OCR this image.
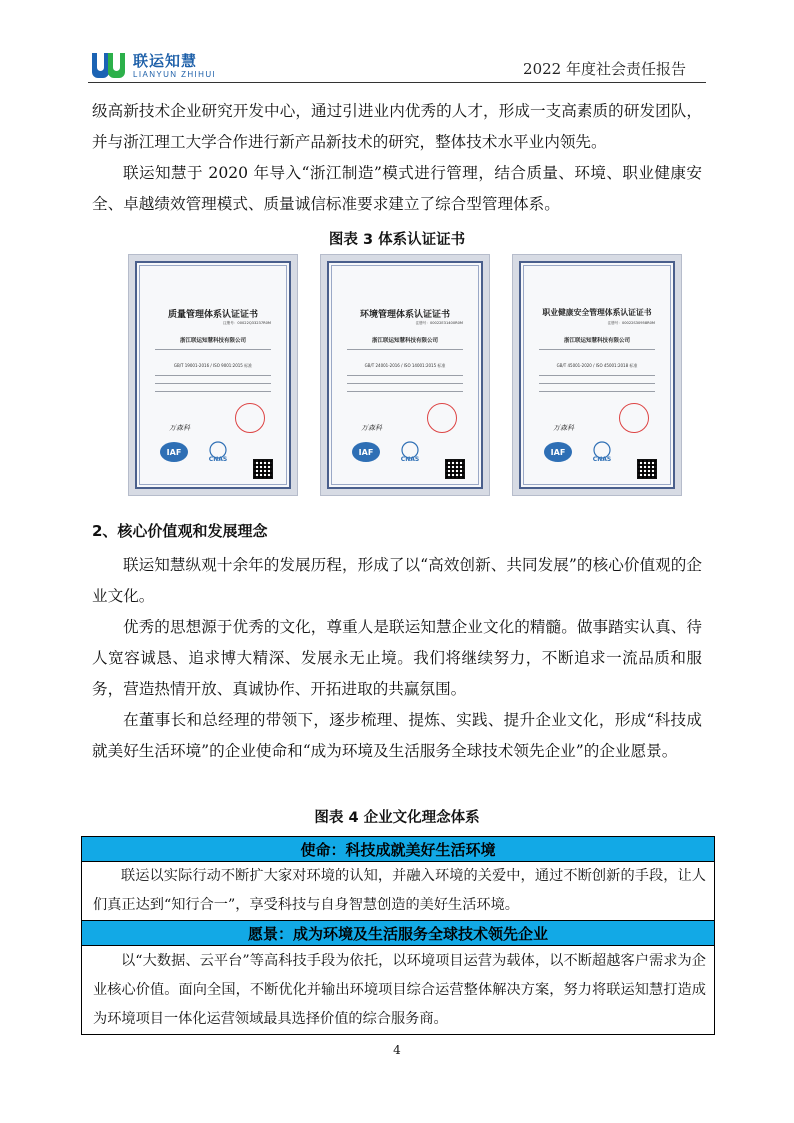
联运知慧
LIANYUN ZHIHUI	2022 年度社会责任报告

级高新技术企业研究开发中心，通过引进业内优秀的人才，形成一支高素质的研发团队，并与浙江理工大学合作进行新产品新技术的研究，整体技术水平业内领先。

联运知慧于 2020 年导入“浙江制造”模式进行管理，结合质量、环境、职业健康安全、卓越绩效管理模式、质量诚信标准要求建立了综合型管理体系。

图表 3 体系认证证书
质量管理体系认证证书
注册号：00022Q33237R0M
浙江联运知慧科技有限公司
GB/T 19001-2016 / ISO 9001:2015 标准
万森科
IAF
CNAS
环境管理体系认证证书
注册号：00022E31400R0M
浙江联运知慧科技有限公司
GB/T 24001-2016 / ISO 14001:2015 标准
万森科
IAF
CNAS
职业健康安全管理体系认证证书
注册号：00022S30958R0M
浙江联运知慧科技有限公司
GB/T 45001-2020 / ISO 45001:2018 标准
万森科
IAF
CNAS
2、核心价值观和发展理念

联运知慧纵观十余年的发展历程，形成了以“高效创新、共同发展”的核心价值观的企业文化。

优秀的思想源于优秀的文化，尊重人是联运知慧企业文化的精髓。做事踏实认真、待人宽容诚恳、追求博大精深、发展永无止境。我们将继续努力，不断追求一流品质和服务，营造热情开放、真诚协作、开拓进取的共赢氛围。

在董事长和总经理的带领下，逐步梳理、提炼、实践、提升企业文化，形成“科技成就美好生活环境”的企业使命和“成为环境及生活服务全球技术领先企业”的企业愿景。

图表 4 企业文化理念体系
使命：科技成就美好生活环境
联运以实际行动不断扩大家对环境的认知，并融入环境的关爱中，通过不断创新的手段，让人们真正达到“知行合一”，享受科技与自身智慧创造的美好生活环境。
愿景：成为环境及生活服务全球技术领先企业
以“大数据、云平台”等高科技手段为依托，以环境项目运营为载体，以不断超越客户需求为企业核心价值。面向全国，不断优化并输出环境项目综合运营整体解决方案，努力将联运知慧打造成为环境项目一体化运营领域最具选择价值的综合服务商。
4
